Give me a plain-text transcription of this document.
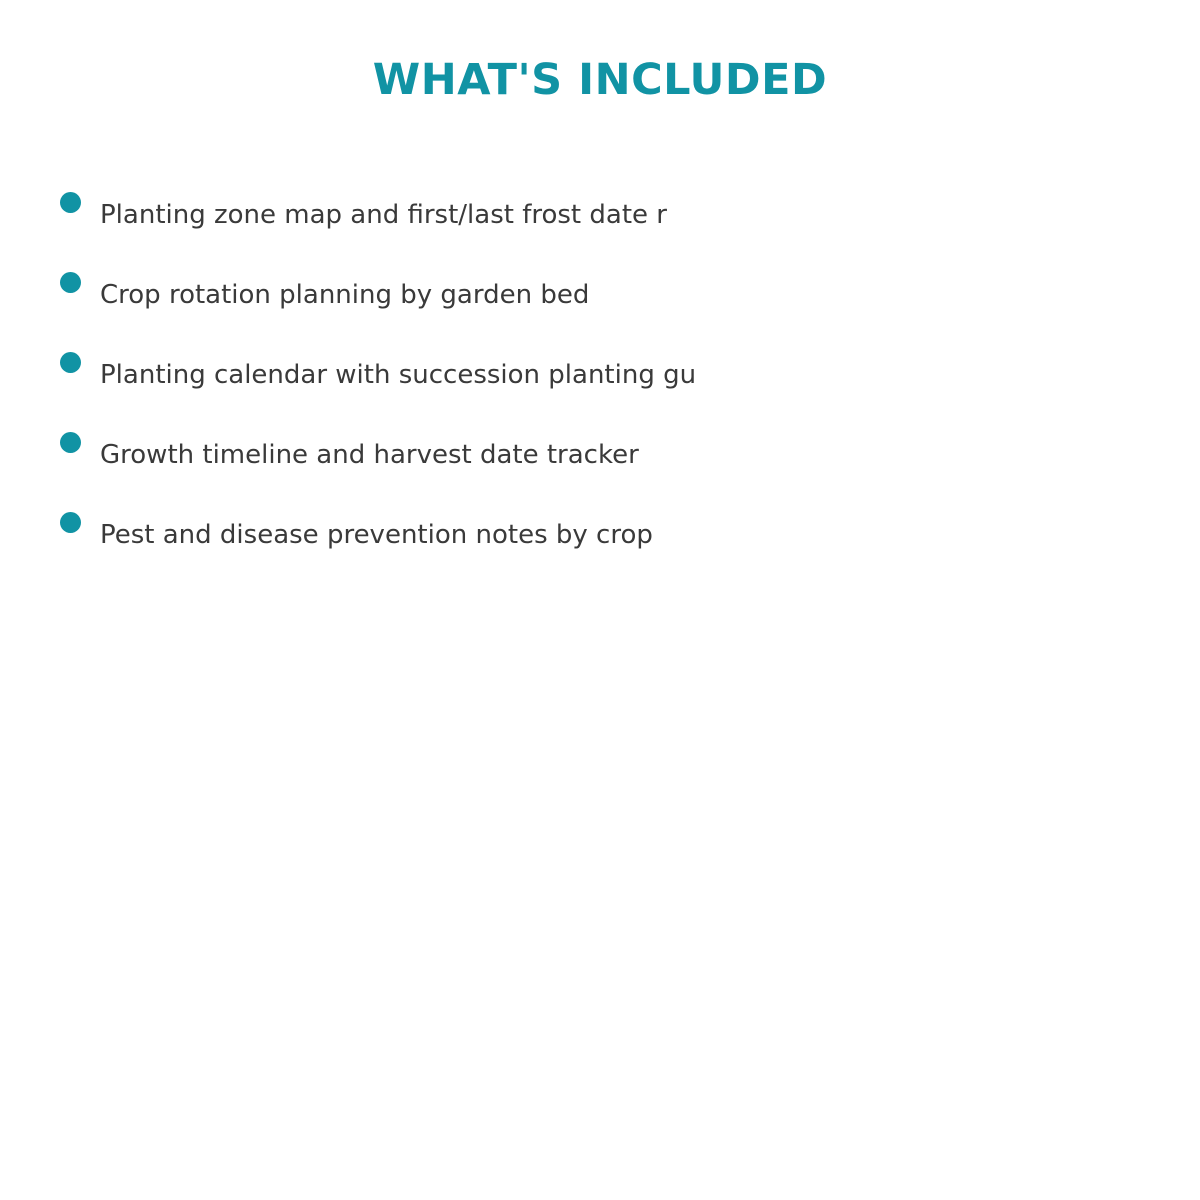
WHAT'S INCLUDED
Planting zone map and first/last frost date r
Crop rotation planning by garden bed
Planting calendar with succession planting gu
Growth timeline and harvest date tracker
Pest and disease prevention notes by crop
